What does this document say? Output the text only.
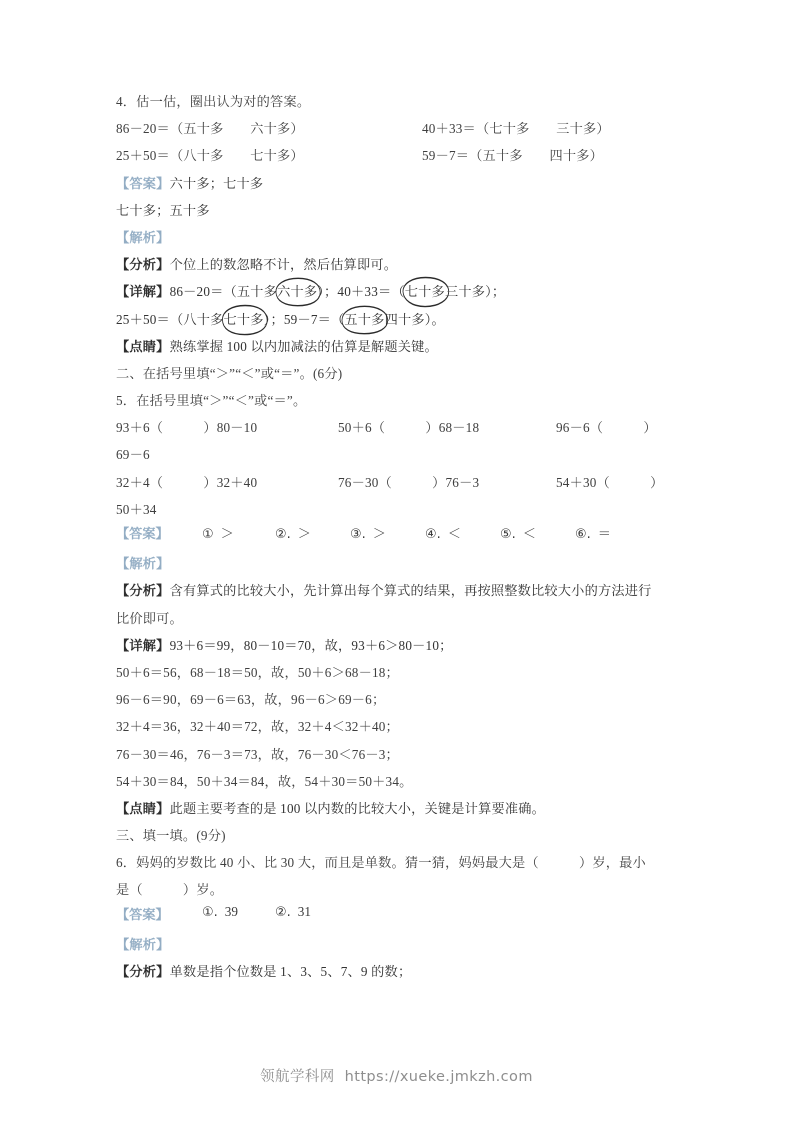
4．估一估，圈出认为对的答案。
86－20＝（五十多　　六十多）	40＋33＝（七十多　　三十多）
25＋50＝（八十多　　七十多）	59－7＝（五十多　　四十多）
【答案】六十多；七十多
七十多；五十多
【解析】
【分析】个位上的数忽略不计，然后估算即可。
【详解】86－20＝（五十多六十多
）；40＋33＝（七十多
三十多）；
25＋50＝（八十多七十多
）；59－7＝（五十多
四十多）。
【点睛】熟练掌握 100 以内加减法的估算是解题关键。
二、在括号里填“＞”“＜”或“＝”。(6分)
5．在括号里填“＞”“＜”或“＝”。
93＋6（　　　）80－10	50＋6（　　　）68－18	96－6（　　　）
69－6
32＋4（　　　）32＋40	76－30（　　　）76－3	54＋30（　　　）
50＋34
【答案】	① ＞	②. ＞	③. ＞	④. ＜	⑤. ＜	⑥. ＝
【解析】
【分析】含有算式的比较大小，先计算出每个算式的结果，再按照整数比较大小的方法进行
比价即可。
【详解】93＋6＝99，80－10＝70，故，93＋6＞80－10；
50＋6＝56，68－18＝50，故，50＋6＞68－18；
96－6＝90，69－6＝63，故，96－6＞69－6；
32＋4＝36，32＋40＝72，故，32＋4＜32＋40；
76－30＝46，76－3＝73，故，76－30＜76－3；
54＋30＝84，50＋34＝84，故，54＋30＝50＋34。
【点睛】此题主要考查的是 100 以内数的比较大小，关键是计算要准确。
三、填一填。(9分)
6．妈妈的岁数比 40 小、比 30 大，而且是单数。猜一猜，妈妈最大是（　　　）岁，最小
是（　　　）岁。
【答案】	①. 39	②. 31
【解析】
【分析】单数是指个位数是 1、3、5、7、9 的数；
领航学科网 https://xueke.jmkzh.com
